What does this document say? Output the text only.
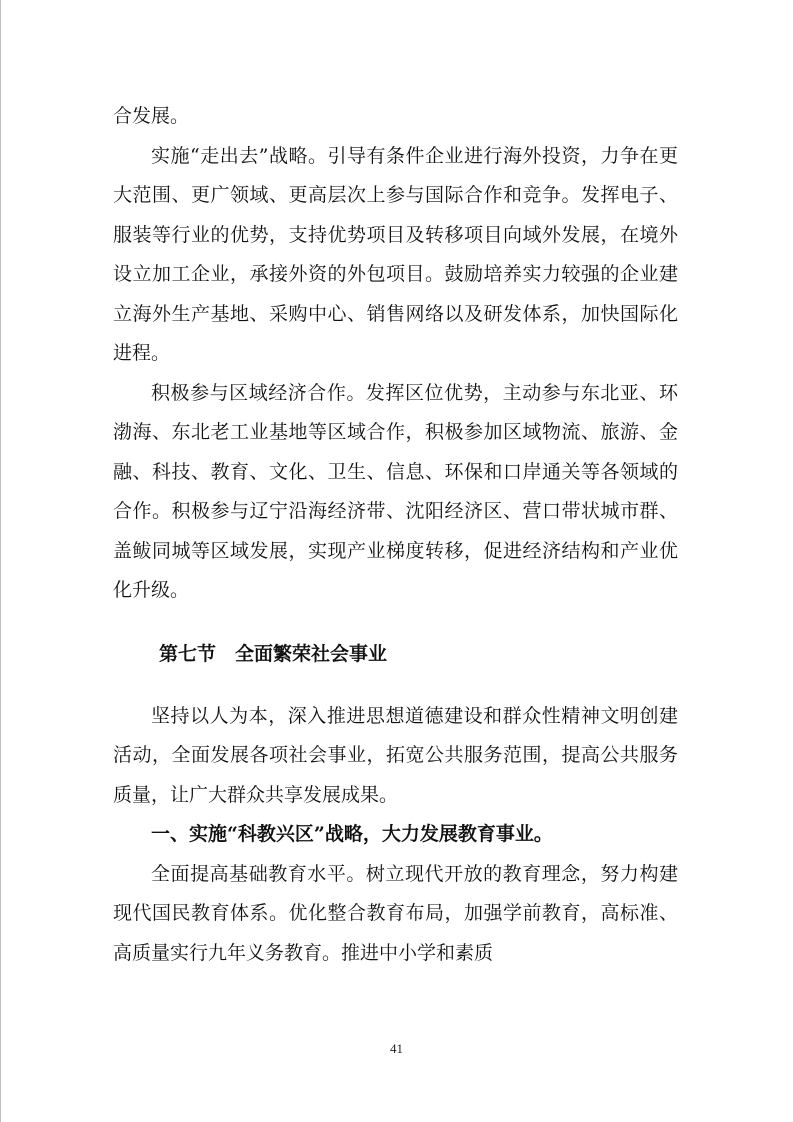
合发展。

实施“走出去”战略。引导有条件企业进行海外投资，力争在更大范围、更广领域、更高层次上参与国际合作和竞争。发挥电子、服装等行业的优势，支持优势项目及转移项目向域外发展，在境外设立加工企业，承接外资的外包项目。鼓励培养实力较强的企业建立海外生产基地、采购中心、销售网络以及研发体系，加快国际化进程。

积极参与区域经济合作。发挥区位优势，主动参与东北亚、环渤海、东北老工业基地等区域合作，积极参加区域物流、旅游、金融、科技、教育、文化、卫生、信息、环保和口岸通关等各领域的合作。积极参与辽宁沿海经济带、沈阳经济区、营口带状城市群、盖鲅同城等区域发展，实现产业梯度转移，促进经济结构和产业优化升级。

第七节　全面繁荣社会事业

坚持以人为本，深入推进思想道德建设和群众性精神文明创建活动，全面发展各项社会事业，拓宽公共服务范围，提高公共服务质量，让广大群众共享发展成果。

一、实施“科教兴区”战略，大力发展教育事业。

全面提高基础教育水平。树立现代开放的教育理念，努力构建现代国民教育体系。优化整合教育布局，加强学前教育，高标准、高质量实行九年义务教育。推进中小学和素质

41
